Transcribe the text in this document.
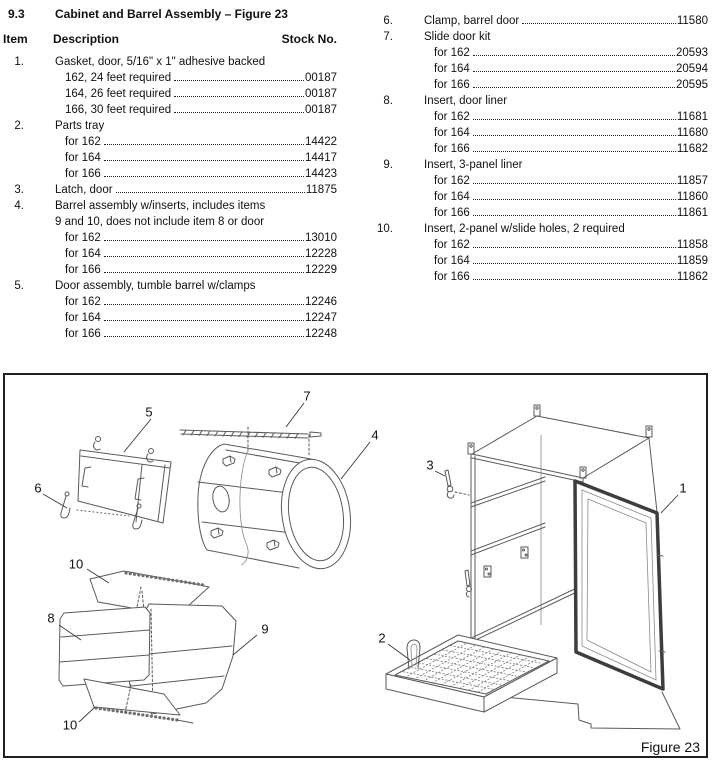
9.3	Cabinet and Barrel Assembly – Figure 23
Item	Description	Stock No.
1.	Gasket, door, 5/16" x 1" adhesive backed
162, 24 feet required	00187
164, 26 feet required	00187
166, 30 feet required	00187
2.	Parts tray
for 162	14422
for 164	14417
for 166	14423
3.	Latch, door	11875
4.	Barrel assembly w/inserts, includes items
9 and 10, does not include item 8 or door
for 162	13010
for 164	12228
for 166	12229
5.	Door assembly, tumble barrel w/clamps
for 162	12246
for 164	12247
for 166	12248
6.	Clamp, barrel door	11580
7.	Slide door kit
for 162	20593
for 164	20594
for 166	20595
8.	Insert, door liner
for 162	11681
for 164	11680
for 166	11682
9.	Insert, 3-panel liner
for 162	11857
for 164	11860
for 166	11861
10.	Insert, 2-panel w/slide holes, 2 required
for 162	11858
for 164	11859
for 166	11862
5
7
4
6
3
1
10
8
9
10
2
Figure 23
